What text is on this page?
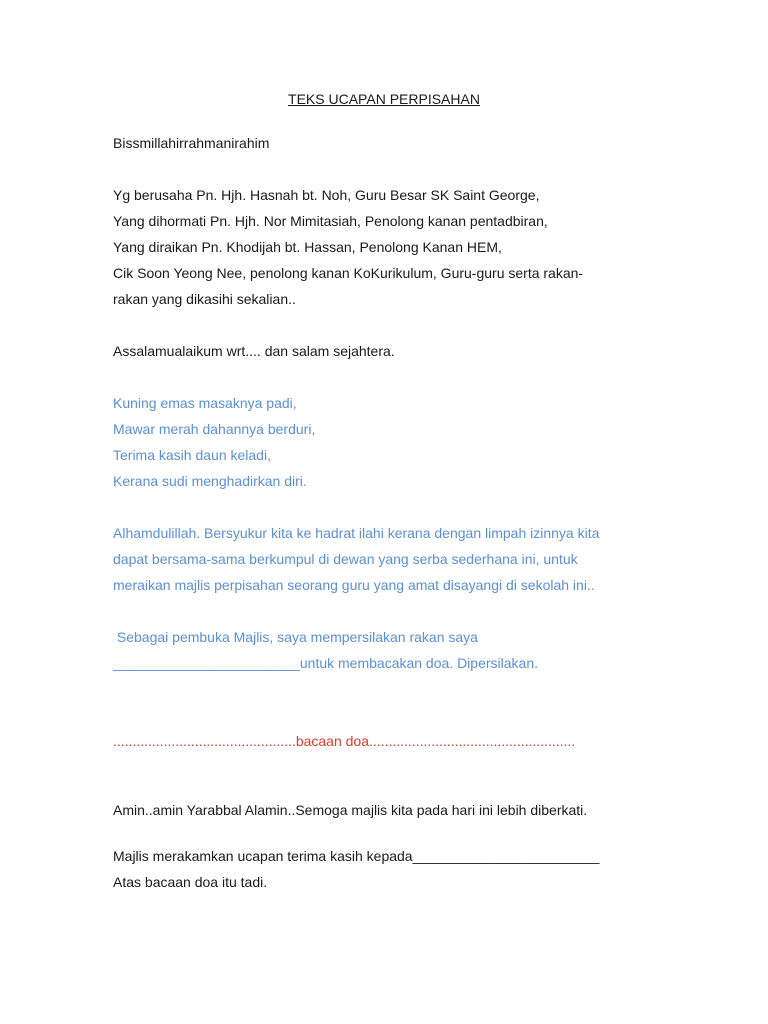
TEKS UCAPAN PERPISAHAN
Bissmillahirrahmanirahim
Yg berusaha Pn. Hjh. Hasnah bt. Noh, Guru Besar SK Saint George,
Yang dihormati Pn. Hjh. Nor Mimitasiah, Penolong kanan pentadbiran,
Yang diraikan Pn. Khodijah bt. Hassan, Penolong Kanan HEM,
Cik Soon Yeong Nee, penolong kanan KoKurikulum, Guru-guru serta rakan-
rakan yang dikasihi sekalian..
Assalamualaikum wrt.... dan salam sejahtera.
Kuning emas masaknya padi,
Mawar merah dahannya berduri,
Terima kasih daun keladi,
Kerana sudi menghadirkan diri.
Alhamdulillah. Bersyukur kita ke hadrat ilahi kerana dengan limpah izinnya kita
dapat bersama-sama berkumpul di dewan yang serba sederhana ini, untuk
meraikan majlis perpisahan seorang guru yang amat disayangi di sekolah ini..
Sebagai pembuka Majlis, saya mempersilakan rakan saya
________________________untuk membacakan doa. Dipersilakan.
...............................................bacaan doa.....................................................
Amin..amin Yarabbal Alamin..Semoga majlis kita pada hari ini lebih diberkati.
Majlis merakamkan ucapan terima kasih kepada________________________
Atas bacaan doa itu tadi.
